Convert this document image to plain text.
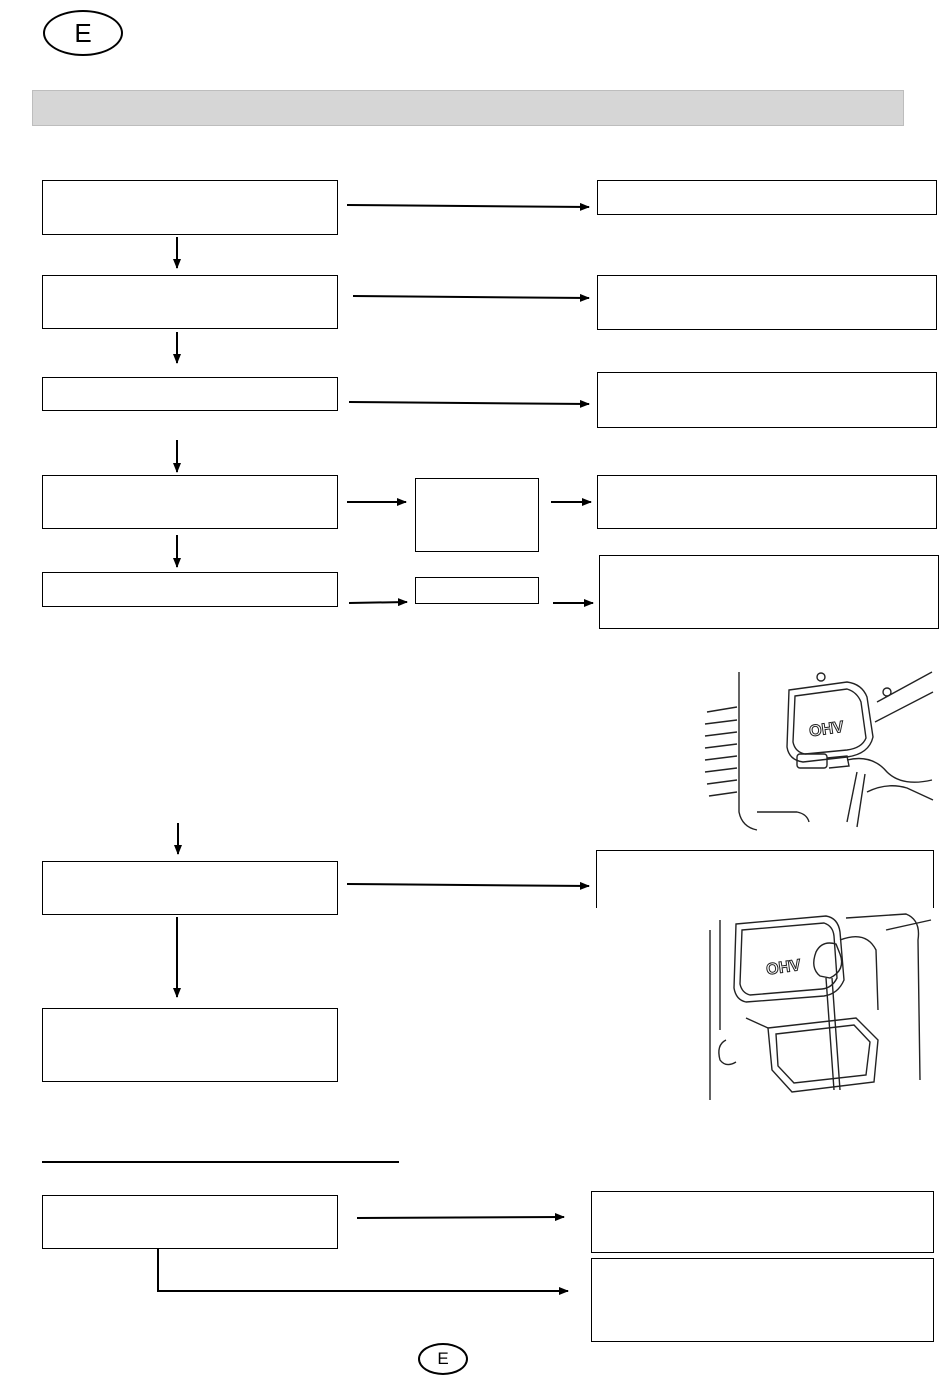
E
E
OHV
OHV
